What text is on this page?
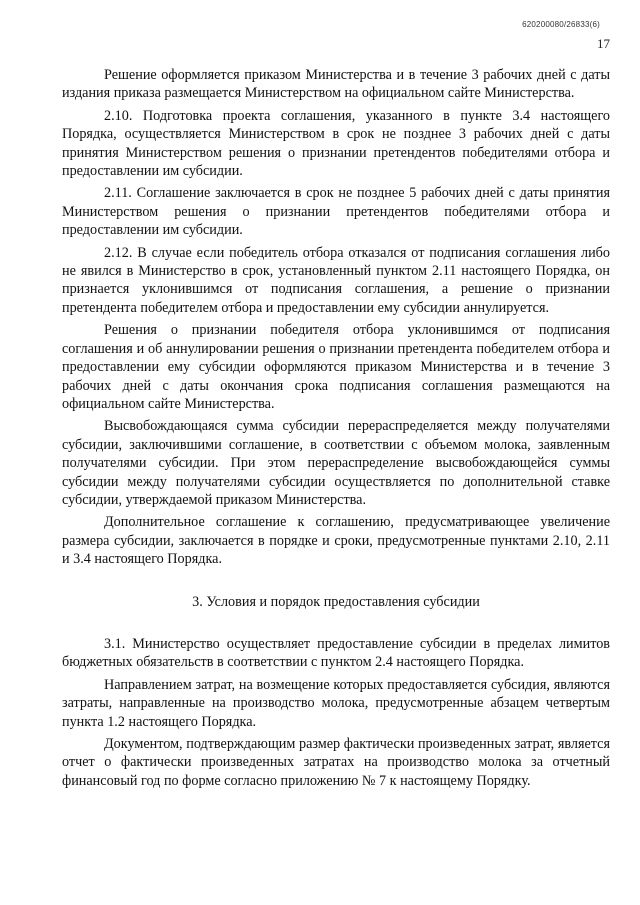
620200080/26833(6)
17

Решение оформляется приказом Министерства и в течение 3 рабочих дней с даты издания приказа размещается Министерством на официальном сайте Министерства.

2.10. Подготовка проекта соглашения, указанного в пункте 3.4 настоящего Порядка, осуществляется Министерством в срок не позднее 3 рабочих дней с даты принятия Министерством решения о признании претендентов победителями отбора и предоставлении им субсидии.

2.11. Соглашение заключается в срок не позднее 5 рабочих дней с даты принятия Министерством решения о признании претендентов победителями отбора и предоставлении им субсидии.

2.12. В случае если победитель отбора отказался от подписания соглашения либо не явился в Министерство в срок, установленный пунктом 2.11 настоящего Порядка, он признается уклонившимся от подписания соглашения, а решение о признании претендента победителем отбора и предоставлении ему субсидии аннулируется.

Решения о признании победителя отбора уклонившимся от подписания соглашения и об аннулировании решения о признании претендента победителем отбора и предоставлении ему субсидии оформляются приказом Министерства и в течение 3 рабочих дней с даты окончания срока подписания соглашения размещаются на официальном сайте Министерства.

Высвобождающаяся сумма субсидии перераспределяется между получателями субсидии, заключившими соглашение, в соответствии с объемом молока, заявленным получателями субсидии. При этом перераспределение высвобождающейся суммы субсидии между получателями субсидии осуществляется по дополнительной ставке субсидии, утверждаемой приказом Министерства.

Дополнительное соглашение к соглашению, предусматривающее увеличение размера субсидии, заключается в порядке и сроки, предусмотренные пунктами 2.10, 2.11 и 3.4 настоящего Порядка.

3. Условия и порядок предоставления субсидии

3.1. Министерство осуществляет предоставление субсидии в пределах лимитов бюджетных обязательств в соответствии с пунктом 2.4 настоящего Порядка.

Направлением затрат, на возмещение которых предоставляется субсидия, являются затраты, направленные на производство молока, предусмотренные абзацем четвертым пункта 1.2 настоящего Порядка.

Документом, подтверждающим размер фактически произведенных затрат, является отчет о фактически произведенных затратах на производство молока за отчетный финансовый год по форме согласно приложению № 7 к настоящему Порядку.
